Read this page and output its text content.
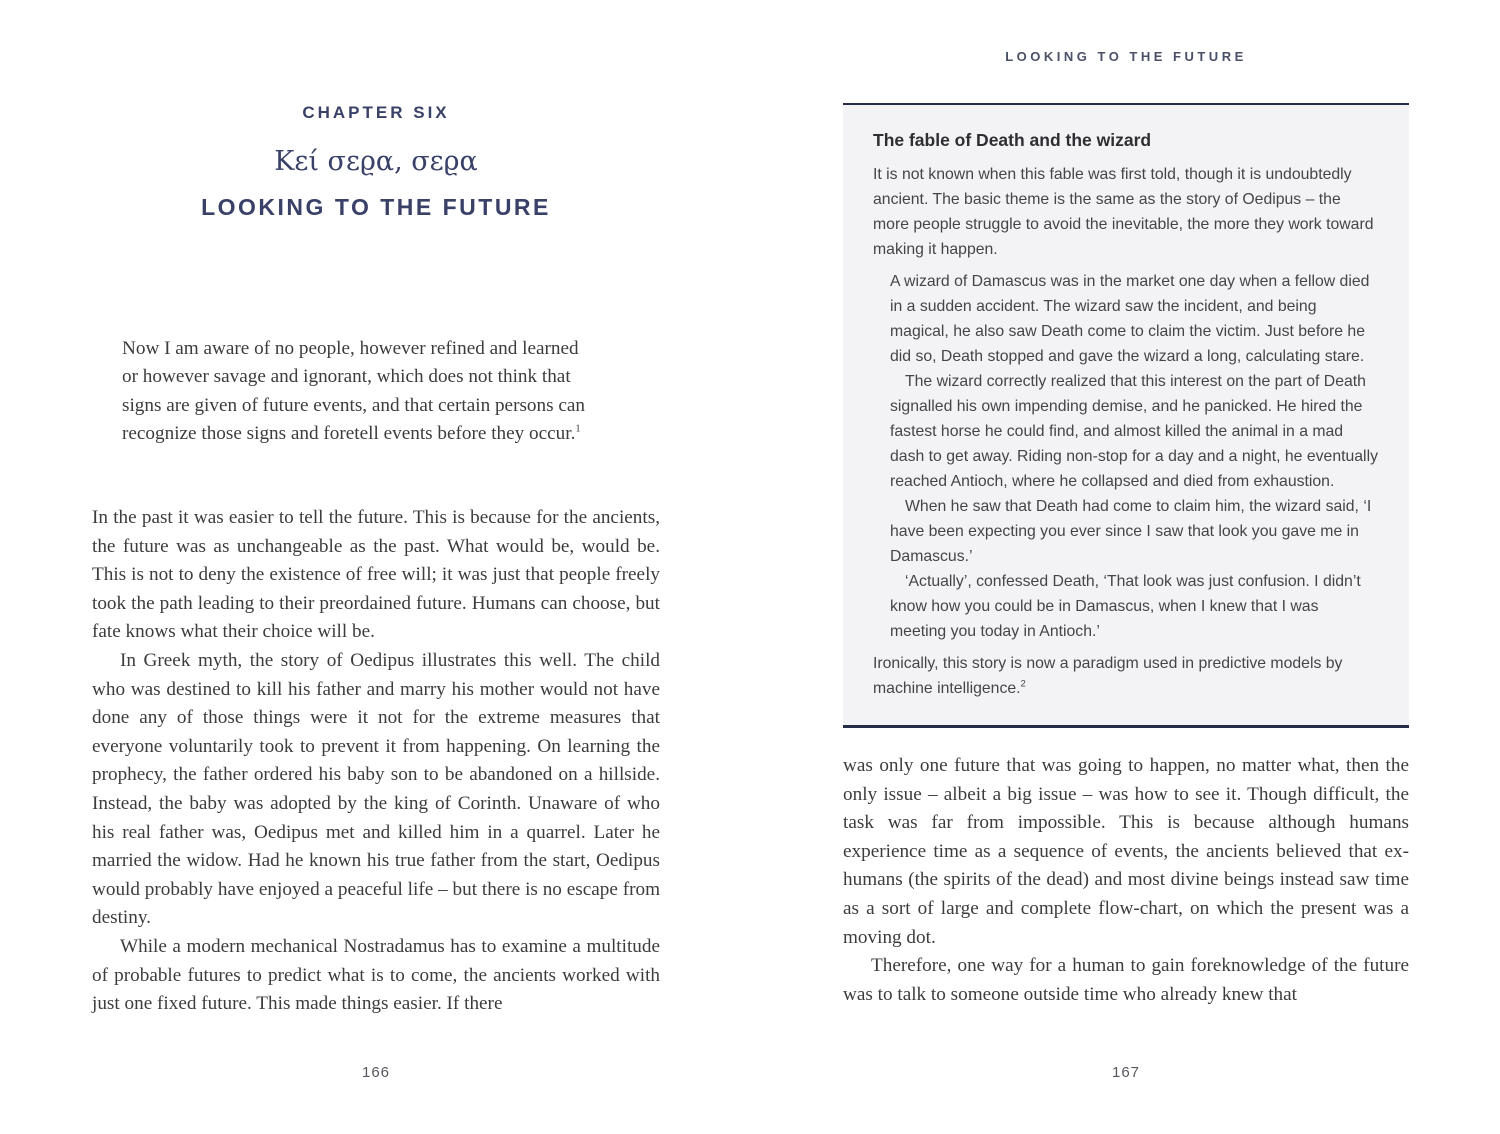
CHAPTER SIX
Κεί σεϱα, σεϱα
LOOKING TO THE FUTURE
Now I am aware of no people, however refined and learned or however savage and ignorant, which does not think that signs are given of future events, and that certain persons can recognize those signs and foretell events before they occur.$^1$

In the past it was easier to tell the future. This is because for the ancients, the future was as unchangeable as the past. What would be, would be. This is not to deny the existence of free will; it was just that people freely took the path leading to their preordained future. Humans can choose, but fate knows what their choice will be.

In Greek myth, the story of Oedipus illustrates this well. The child who was destined to kill his father and marry his mother would not have done any of those things were it not for the extreme measures that everyone voluntarily took to prevent it from happening. On learning the prophecy, the father ordered his baby son to be abandoned on a hillside. Instead, the baby was adopted by the king of Corinth. Unaware of who his real father was, Oedipus met and killed him in a quarrel. Later he married the widow. Had he known his true father from the start, Oedipus would probably have enjoyed a peaceful life – but there is no escape from destiny.

While a modern mechanical Nostradamus has to examine a multitude of probable futures to predict what is to come, the ancients worked with just one fixed future. This made things easier. If there

166
LOOKING TO THE FUTURE
The fable of Death and the wizard

It is not known when this fable was first told, though it is undoubtedly ancient. The basic theme is the same as the story of Oedipus – the more people struggle to avoid the inevitable, the more they work toward making it happen.

A wizard of Damascus was in the market one day when a fellow died in a sudden accident. The wizard saw the incident, and being magical, he also saw Death come to claim the victim. Just before he did so, Death stopped and gave the wizard a long, calculating stare.

The wizard correctly realized that this interest on the part of Death signalled his own impending demise, and he panicked. He hired the fastest horse he could find, and almost killed the animal in a mad dash to get away. Riding non-stop for a day and a night, he eventually reached Antioch, where he collapsed and died from exhaustion.

When he saw that Death had come to claim him, the wizard said, ‘I have been expecting you ever since I saw that look you gave me in Damascus.’

‘Actually’, confessed Death, ‘That look was just confusion. I didn’t know how you could be in Damascus, when I knew that I was meeting you today in Antioch.’

Ironically, this story is now a paradigm used in predictive models by machine intelligence.$^2$

was only one future that was going to happen, no matter what, then the only issue – albeit a big issue – was how to see it. Though difficult, the task was far from impossible. This is because although humans experience time as a sequence of events, the ancients believed that ex-humans (the spirits of the dead) and most divine beings instead saw time as a sort of large and complete flow-chart, on which the present was a moving dot.

Therefore, one way for a human to gain foreknowledge of the future was to talk to someone outside time who already knew that

167
